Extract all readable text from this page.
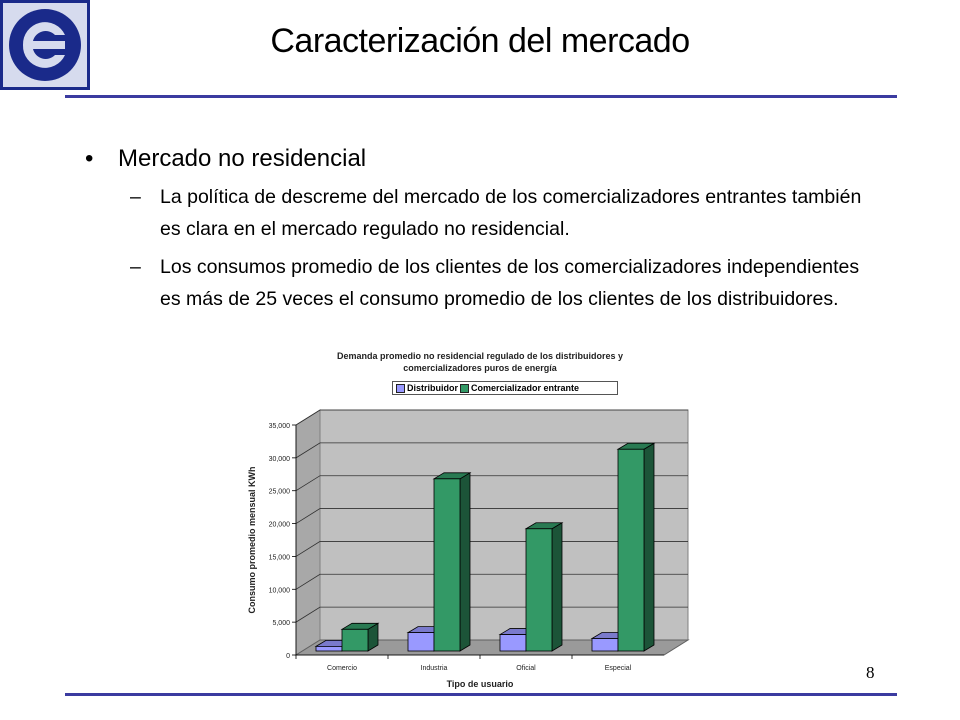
Caracterización del mercado
• Mercado no residencial
– La política de descreme del mercado de los comercializadores entrantes también es clara en el mercado regulado no residencial.
– Los consumos promedio de los clientes de los comercializadores independientes es más de 25 veces el consumo promedio de los clientes de los distribuidores.
Demanda promedio no residencial regulado de los distribuidores y
comercializadores puros de energía
Distribuidor Comercializador entrante
0
5,000
10,000
15,000
20,000
25,000
30,000
35,000
Comercio	Industria	Oficial	Especial
Tipo de usuario
Consumo promedio mensual KWh
8
